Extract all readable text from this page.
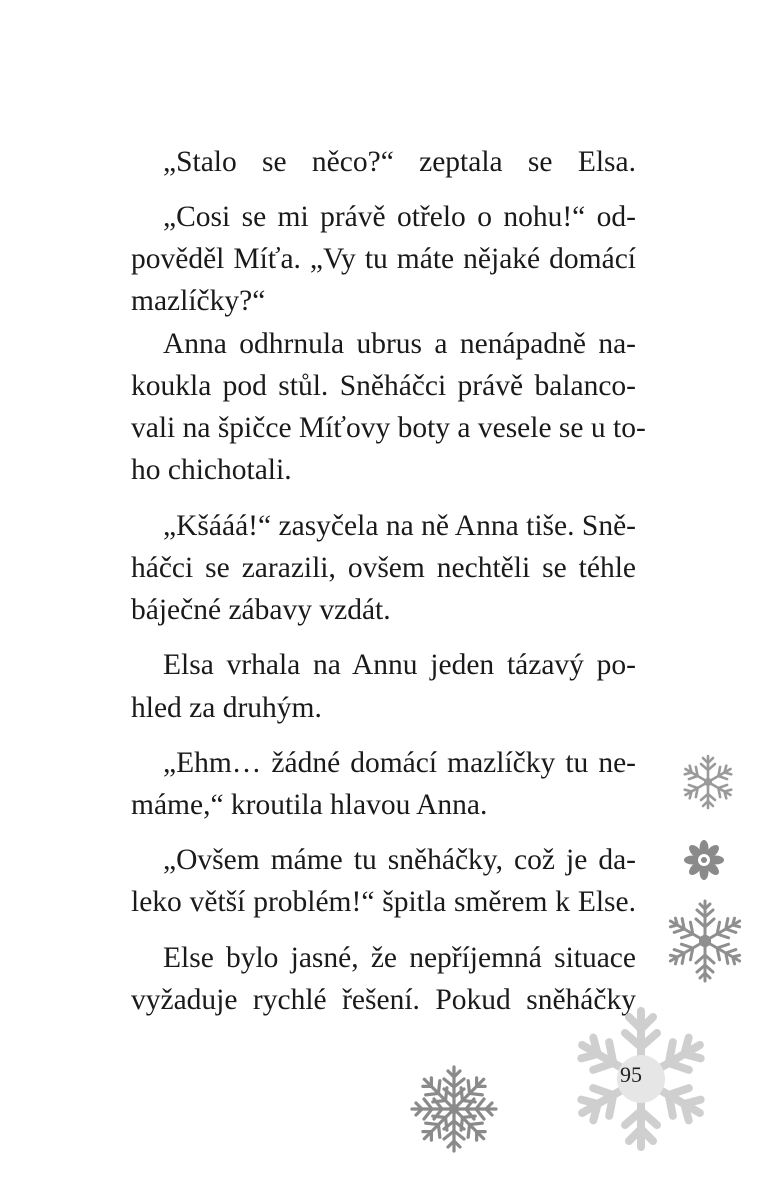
„Stalo se něco?“ zeptala se Elsa.
„Cosi se mi právě otřelo o nohu!“ od-
pověděl Míťa. „Vy tu máte nějaké domácí
mazlíčky?“
Anna odhrnula ubrus a nenápadně na-
koukla pod stůl. Sněháčci právě balanco-
vali na špičce Míťovy boty a vesele se u to-
ho chichotali.
„Kšááá!“ zasyčela na ně Anna tiše. Sně-
háčci se zarazili, ovšem nechtěli se téhle
báječné zábavy vzdát.
Elsa vrhala na Annu jeden tázavý po-
hled za druhým.
„Ehm… žádné domácí mazlíčky tu ne-
máme,“ kroutila hlavou Anna.
„Ovšem máme tu sněháčky, což je da-
leko větší problém!“ špitla směrem k Else.
Else bylo jasné, že nepříjemná situace
vyžaduje rychlé řešení. Pokud sněháčky
95
